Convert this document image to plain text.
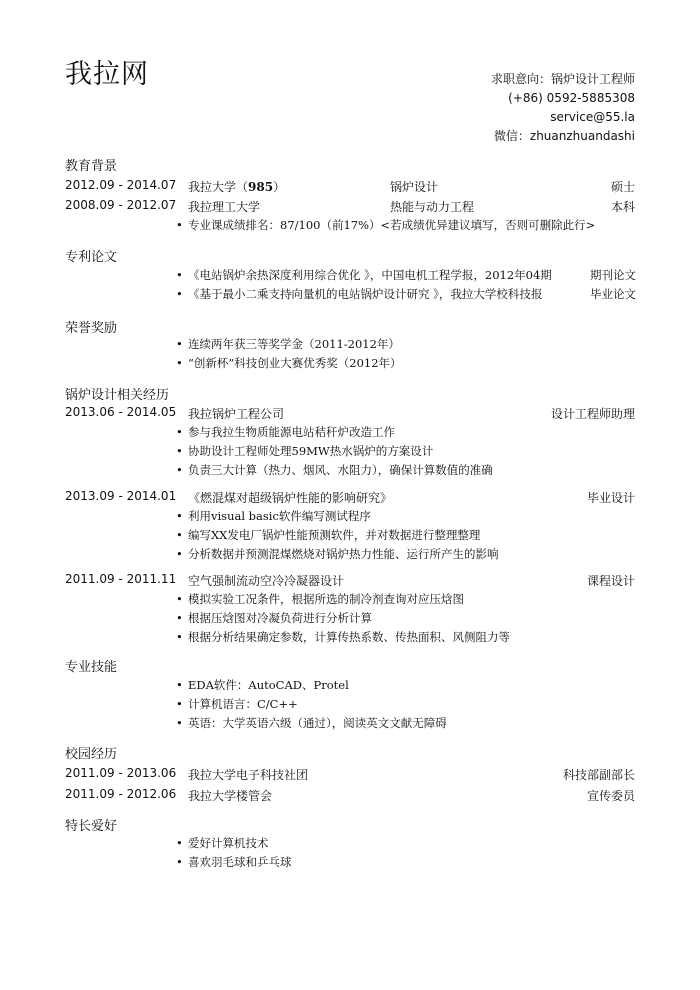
我拉网	求职意向：锅炉设计工程师
(+86) 0592-5885308
service@55.la
微信：zhuanzhuandashi
教育背景
2012.09 - 2014.07 我拉大学（985）	锅炉设计	硕士
2008.09 - 2012.07 我拉理工大学	热能与动力工程	本科
• 专业课成绩排名：87/100（前17%）<若成绩优异建议填写，否则可删除此行>
专利论文
• 《电站锅炉余热深度利用综合优化 》，中国电机工程学报，2012年04期	期刊论文
• 《基于最小二乘支持向量机的电站锅炉设计研究 》，我拉大学校科技报	毕业论文
荣誉奖励
• 连续两年获三等奖学金（2011-2012年）
• “创新杯”科技创业大赛优秀奖（2012年）
锅炉设计相关经历
2013.06 - 2014.05 我拉锅炉工程公司	设计工程师助理
• 参与我拉生物质能源电站秸秆炉改造工作
• 协助设计工程师处理59MW热水锅炉的方案设计
• 负责三大计算（热力、烟风、水阻力），确保计算数值的准确
2013.09 - 2014.01 《燃混煤对超级锅炉性能的影响研究》	毕业设计
• 利用visual basic软件编写测试程序
• 编写XX发电厂锅炉性能预测软件，并对数据进行整理整理
• 分析数据并预测混煤燃烧对锅炉热力性能、运行所产生的影响
2011.09 - 2011.11 空气强制流动空冷冷凝器设计	课程设计
• 模拟实验工况条件，根据所选的制冷剂查询对应压焓图
• 根据压焓图对冷凝负荷进行分析计算
• 根据分析结果确定参数，计算传热系数、传热面积、风侧阻力等
专业技能
• EDA软件：AutoCAD、Protel
• 计算机语言：C/C++
• 英语：大学英语六级（通过），阅读英文文献无障碍
校园经历
2011.09 - 2013.06 我拉大学电子科技社团	科技部副部长
2011.09 - 2012.06 我拉大学楼管会	宣传委员
特长爱好
• 爱好计算机技术
• 喜欢羽毛球和乒乓球
